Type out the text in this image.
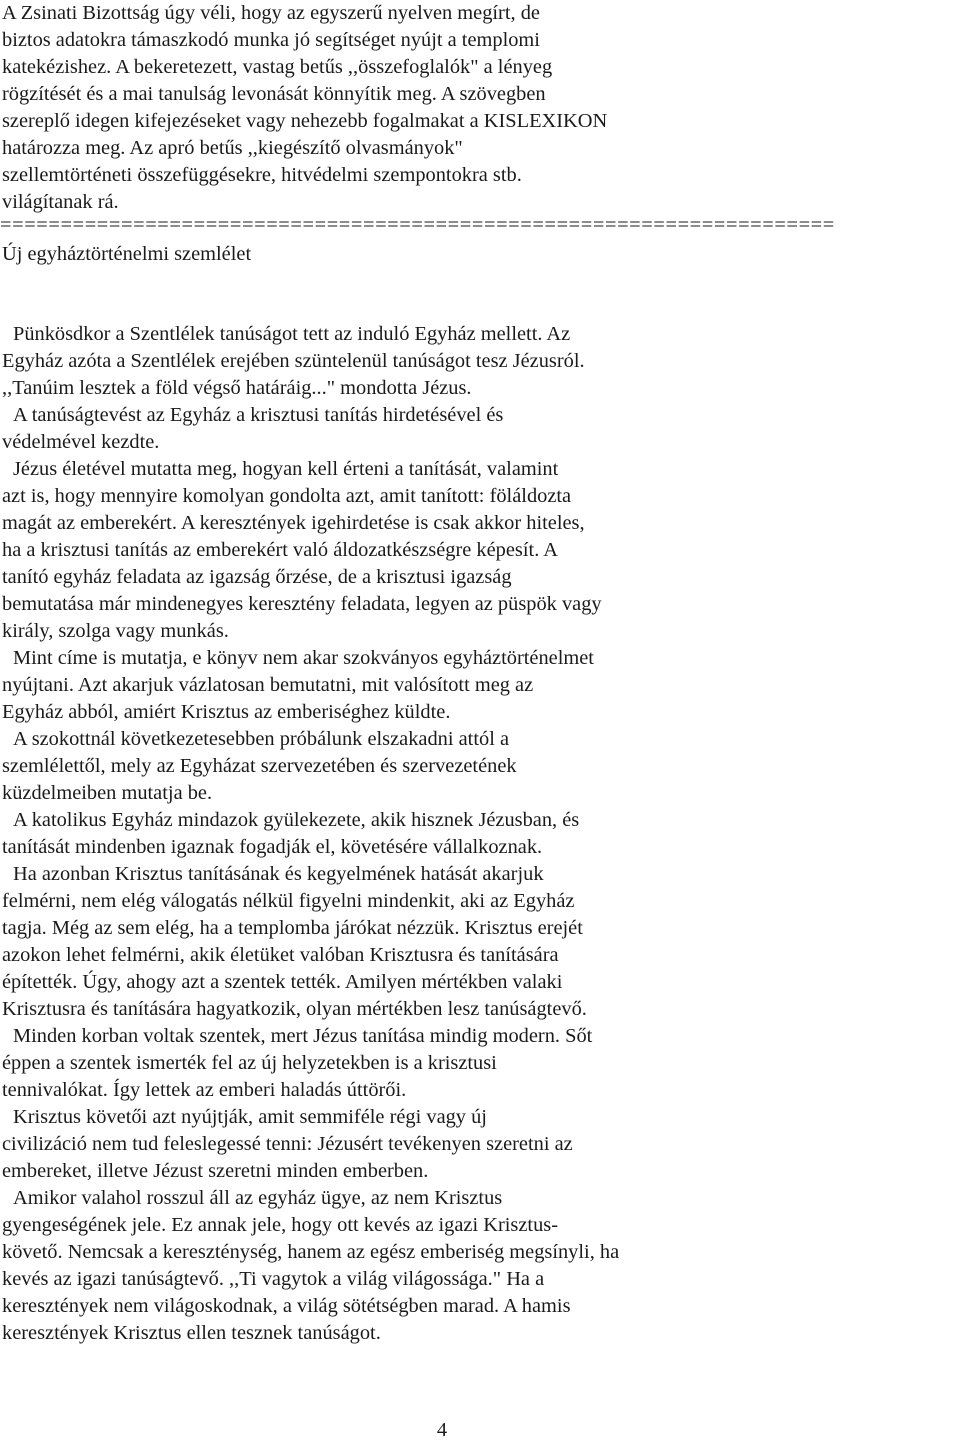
A Zsinati Bizottság úgy véli, hogy az egyszerű nyelven megírt, de
biztos adatokra támaszkodó munka jó segítséget nyújt a templomi
katekézishez. A bekeretezett, vastag betűs ,,összefoglalók" a lényeg
rögzítését és a mai tanulság levonását könnyítik meg. A szövegben
szereplő idegen kifejezéseket vagy nehezebb fogalmakat a KISLEXIKON
határozza meg. Az apró betűs ,,kiegészítő olvasmányok"
szellemtörténeti összefüggésekre, hitvédelmi szempontokra stb.
világítanak rá.
=====================================================================
Új egyháztörténelmi szemlélet
Pünkösdkor a Szentlélek tanúságot tett az induló Egyház mellett. Az
Egyház azóta a Szentlélek erejében szüntelenül tanúságot tesz Jézusról.
,,Tanúim lesztek a föld végső határáig..." mondotta Jézus.
A tanúságtevést az Egyház a krisztusi tanítás hirdetésével és
védelmével kezdte.
Jézus életével mutatta meg, hogyan kell érteni a tanítását, valamint
azt is, hogy mennyire komolyan gondolta azt, amit tanított: föláldozta
magát az emberekért. A keresztények igehirdetése is csak akkor hiteles,
ha a krisztusi tanítás az emberekért való áldozatkészségre képesít. A
tanító egyház feladata az igazság őrzése, de a krisztusi igazság
bemutatása már mindenegyes keresztény feladata, legyen az püspök vagy
király, szolga vagy munkás.
Mint címe is mutatja, e könyv nem akar szokványos egyháztörténelmet
nyújtani. Azt akarjuk vázlatosan bemutatni, mit valósított meg az
Egyház abból, amiért Krisztus az emberiséghez küldte.
A szokottnál következetesebben próbálunk elszakadni attól a
szemlélettől, mely az Egyházat szervezetében és szervezetének
küzdelmeiben mutatja be.
A katolikus Egyház mindazok gyülekezete, akik hisznek Jézusban, és
tanítását mindenben igaznak fogadják el, követésére vállalkoznak.
Ha azonban Krisztus tanításának és kegyelmének hatását akarjuk
felmérni, nem elég válogatás nélkül figyelni mindenkit, aki az Egyház
tagja. Még az sem elég, ha a templomba járókat nézzük. Krisztus erejét
azokon lehet felmérni, akik életüket valóban Krisztusra és tanítására
építették. Úgy, ahogy azt a szentek tették. Amilyen mértékben valaki
Krisztusra és tanítására hagyatkozik, olyan mértékben lesz tanúságtevő.
Minden korban voltak szentek, mert Jézus tanítása mindig modern. Sőt
éppen a szentek ismerték fel az új helyzetekben is a krisztusi
tennivalókat. Így lettek az emberi haladás úttörői.
Krisztus követői azt nyújtják, amit semmiféle régi vagy új
civilizáció nem tud feleslegessé tenni: Jézusért tevékenyen szeretni az
embereket, illetve Jézust szeretni minden emberben.
Amikor valahol rosszul áll az egyház ügye, az nem Krisztus
gyengeségének jele. Ez annak jele, hogy ott kevés az igazi Krisztus-
követő. Nemcsak a kereszténység, hanem az egész emberiség megsínyli, ha
kevés az igazi tanúságtevő. ,,Ti vagytok a világ világossága." Ha a
keresztények nem világoskodnak, a világ sötétségben marad. A hamis
keresztények Krisztus ellen tesznek tanúságot.
4
